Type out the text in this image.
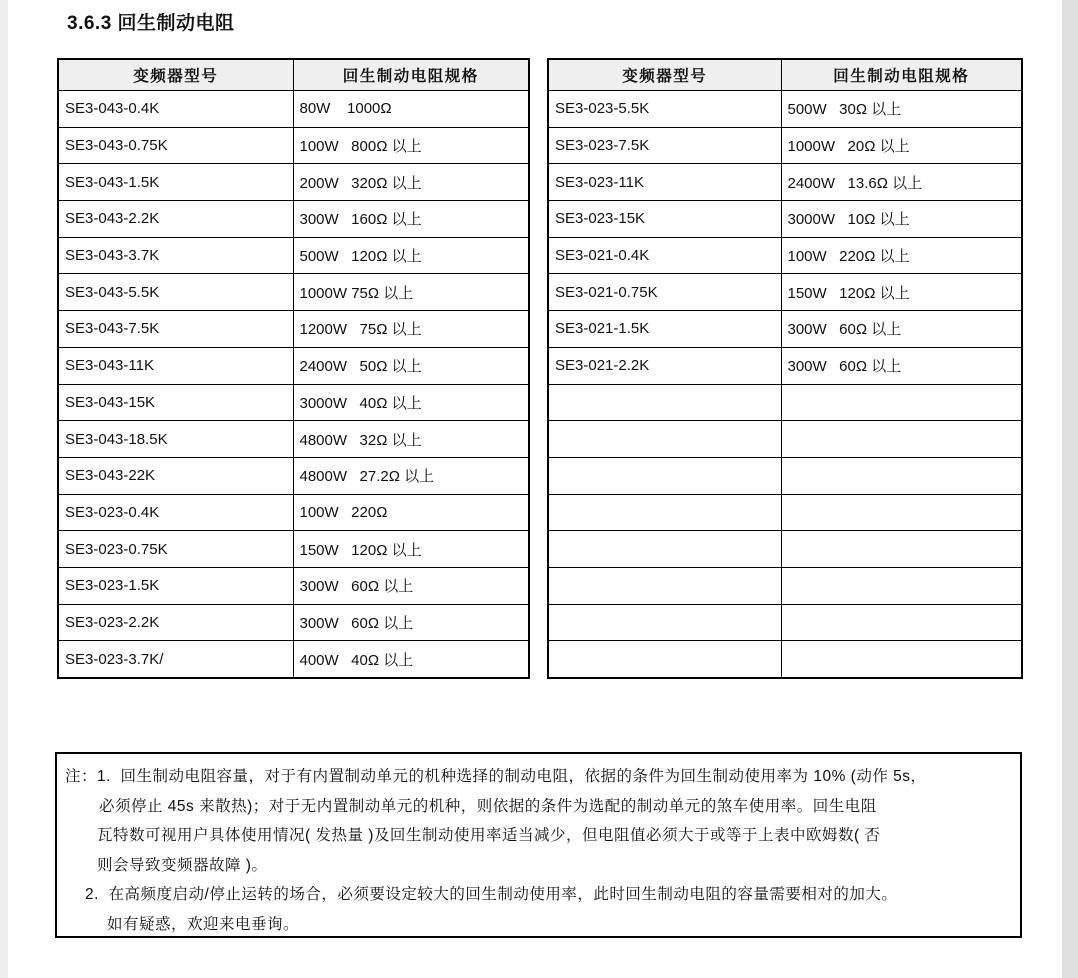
3.6.3 回生制动电阻
变频器型号	回生制动电阻规格
SE3-043-0.4K	80W    1000Ω
SE3-043-0.75K	100W   800Ω 以上
SE3-043-1.5K	200W   320Ω 以上
SE3-043-2.2K	300W   160Ω 以上
SE3-043-3.7K	500W   120Ω 以上
SE3-043-5.5K	1000W 75Ω 以上
SE3-043-7.5K	1200W   75Ω 以上
SE3-043-11K	2400W   50Ω 以上
SE3-043-15K	3000W   40Ω 以上
SE3-043-18.5K	4800W   32Ω 以上
SE3-043-22K	4800W   27.2Ω 以上
SE3-023-0.4K	100W   220Ω
SE3-023-0.75K	150W   120Ω 以上
SE3-023-1.5K	300W   60Ω 以上
SE3-023-2.2K	300W   60Ω 以上
SE3-023-3.7K/	400W   40Ω 以上
变频器型号	回生制动电阻规格
SE3-023-5.5K	500W   30Ω 以上
SE3-023-7.5K	1000W   20Ω 以上
SE3-023-11K	2400W   13.6Ω 以上
SE3-023-15K	3000W   10Ω 以上
SE3-021-0.4K	100W   220Ω 以上
SE3-021-0.75K	150W   120Ω 以上
SE3-021-1.5K	300W   60Ω 以上
SE3-021-2.2K	300W   60Ω 以上

注：1.  回生制动电阻容量，对于有内置制动单元的机种选择的制动电阻，依据的条件为回生制动使用率为 10% (动作 5s，
必须停止 45s 来散热)；对于无内置制动单元的机种，则依据的条件为选配的制动单元的煞车使用率。回生电阻
瓦特数可视用户具体使用情况( 发热量 )及回生制动使用率适当减少，但电阻值必须大于或等于上表中欧姆数( 否
则会导致变频器故障 )。
2.  在高频度启动/停止运转的场合，必须要设定较大的回生制动使用率，此时回生制动电阻的容量需要相对的加大。
如有疑惑，欢迎来电垂询。
